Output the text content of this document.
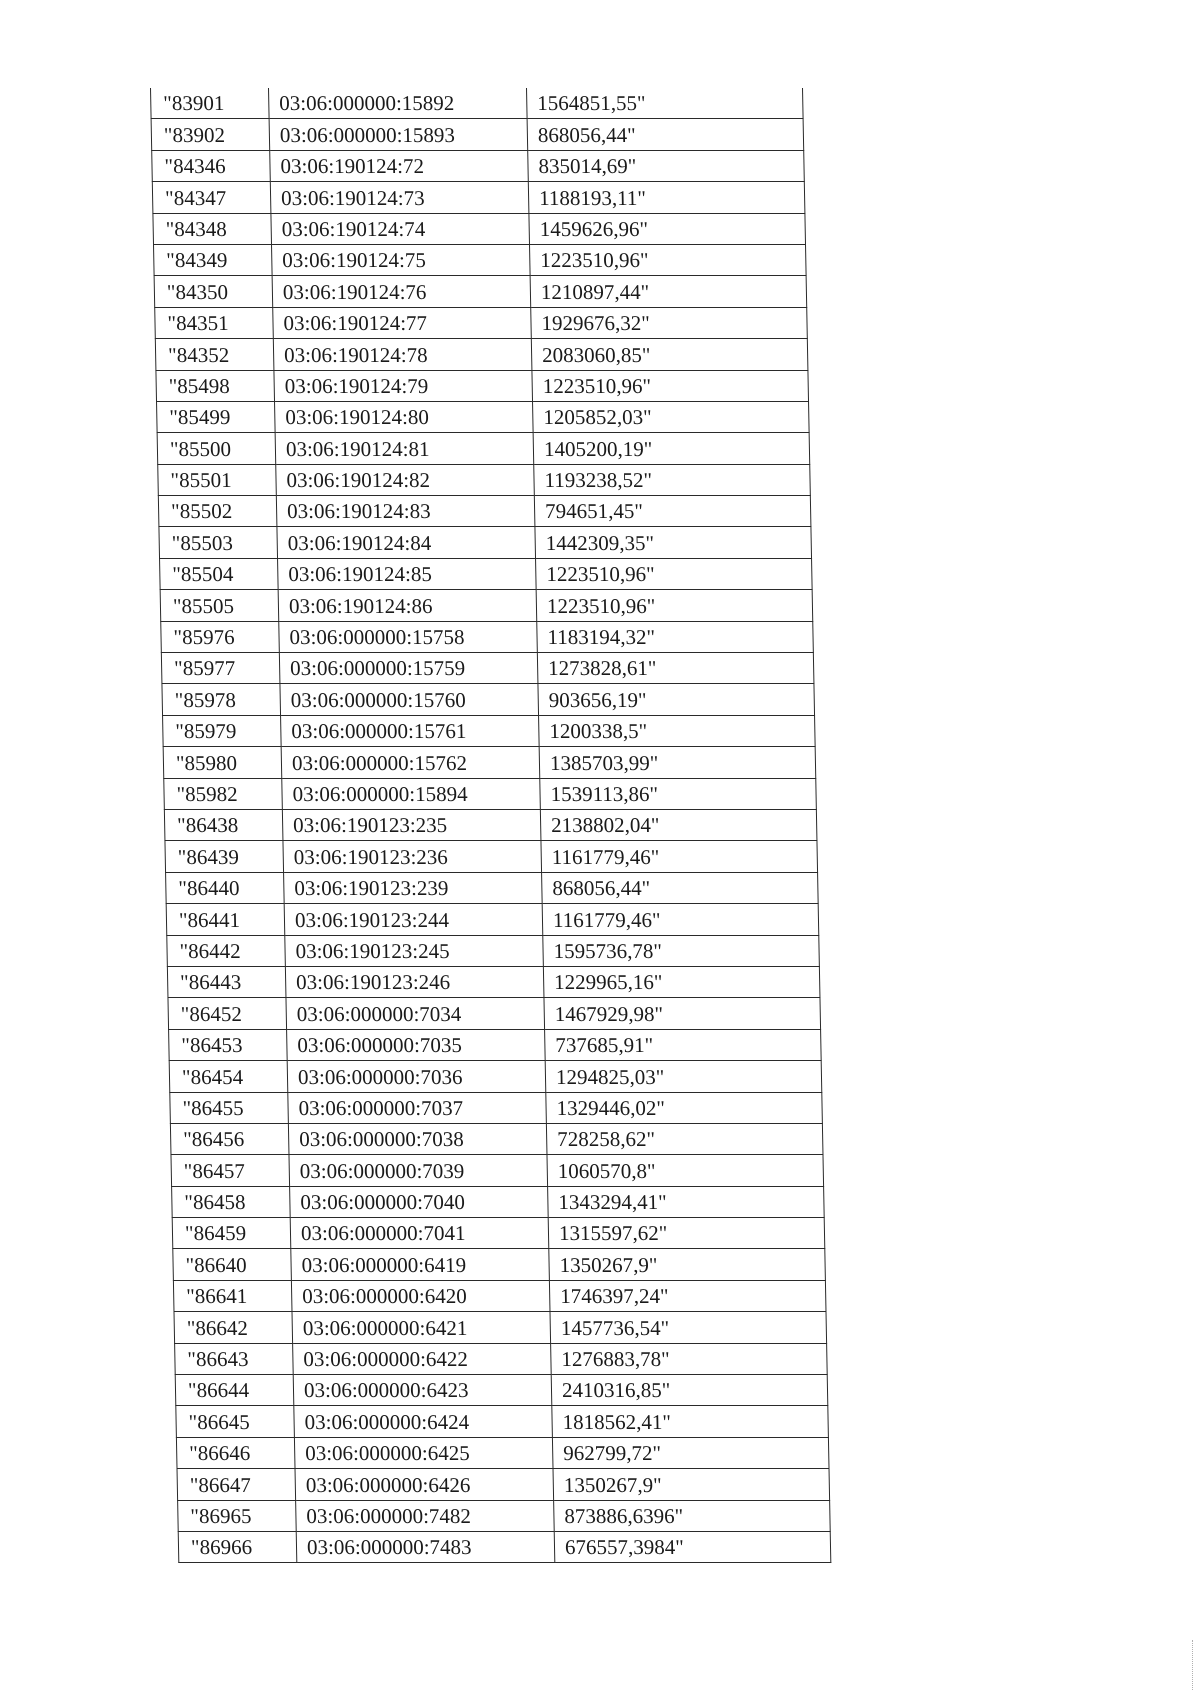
"83901	03:06:000000:15892	1564851,55"
"83902	03:06:000000:15893	868056,44"
"84346	03:06:190124:72	835014,69"
"84347	03:06:190124:73	1188193,11"
"84348	03:06:190124:74	1459626,96"
"84349	03:06:190124:75	1223510,96"
"84350	03:06:190124:76	1210897,44"
"84351	03:06:190124:77	1929676,32"
"84352	03:06:190124:78	2083060,85"
"85498	03:06:190124:79	1223510,96"
"85499	03:06:190124:80	1205852,03"
"85500	03:06:190124:81	1405200,19"
"85501	03:06:190124:82	1193238,52"
"85502	03:06:190124:83	794651,45"
"85503	03:06:190124:84	1442309,35"
"85504	03:06:190124:85	1223510,96"
"85505	03:06:190124:86	1223510,96"
"85976	03:06:000000:15758	1183194,32"
"85977	03:06:000000:15759	1273828,61"
"85978	03:06:000000:15760	903656,19"
"85979	03:06:000000:15761	1200338,5"
"85980	03:06:000000:15762	1385703,99"
"85982	03:06:000000:15894	1539113,86"
"86438	03:06:190123:235	2138802,04"
"86439	03:06:190123:236	1161779,46"
"86440	03:06:190123:239	868056,44"
"86441	03:06:190123:244	1161779,46"
"86442	03:06:190123:245	1595736,78"
"86443	03:06:190123:246	1229965,16"
"86452	03:06:000000:7034	1467929,98"
"86453	03:06:000000:7035	737685,91"
"86454	03:06:000000:7036	1294825,03"
"86455	03:06:000000:7037	1329446,02"
"86456	03:06:000000:7038	728258,62"
"86457	03:06:000000:7039	1060570,8"
"86458	03:06:000000:7040	1343294,41"
"86459	03:06:000000:7041	1315597,62"
"86640	03:06:000000:6419	1350267,9"
"86641	03:06:000000:6420	1746397,24"
"86642	03:06:000000:6421	1457736,54"
"86643	03:06:000000:6422	1276883,78"
"86644	03:06:000000:6423	2410316,85"
"86645	03:06:000000:6424	1818562,41"
"86646	03:06:000000:6425	962799,72"
"86647	03:06:000000:6426	1350267,9"
"86965	03:06:000000:7482	873886,6396"
"86966	03:06:000000:7483	676557,3984"
